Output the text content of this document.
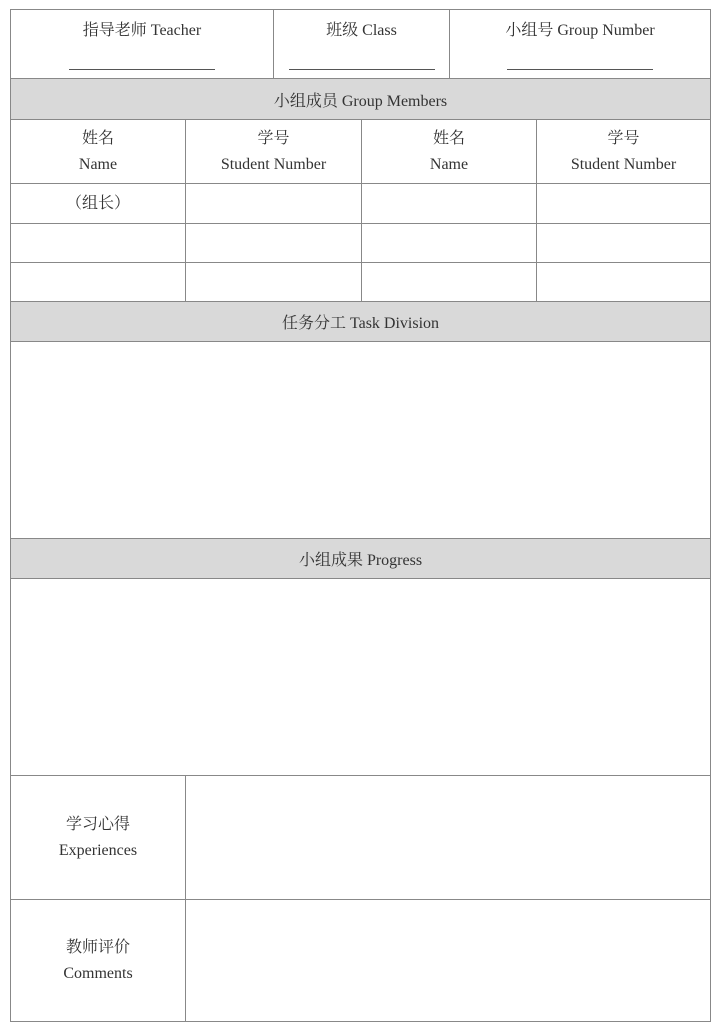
指导老师 Teacher	班级 Class	小组号 Group Number
小组成员 Group Members
姓名
Name
学号
Student Number
姓名
Name
学号
Student Number
（组长）
任务分工 Task Division
小组成果 Progress
学习心得
Experiences
教师评价
Comments
